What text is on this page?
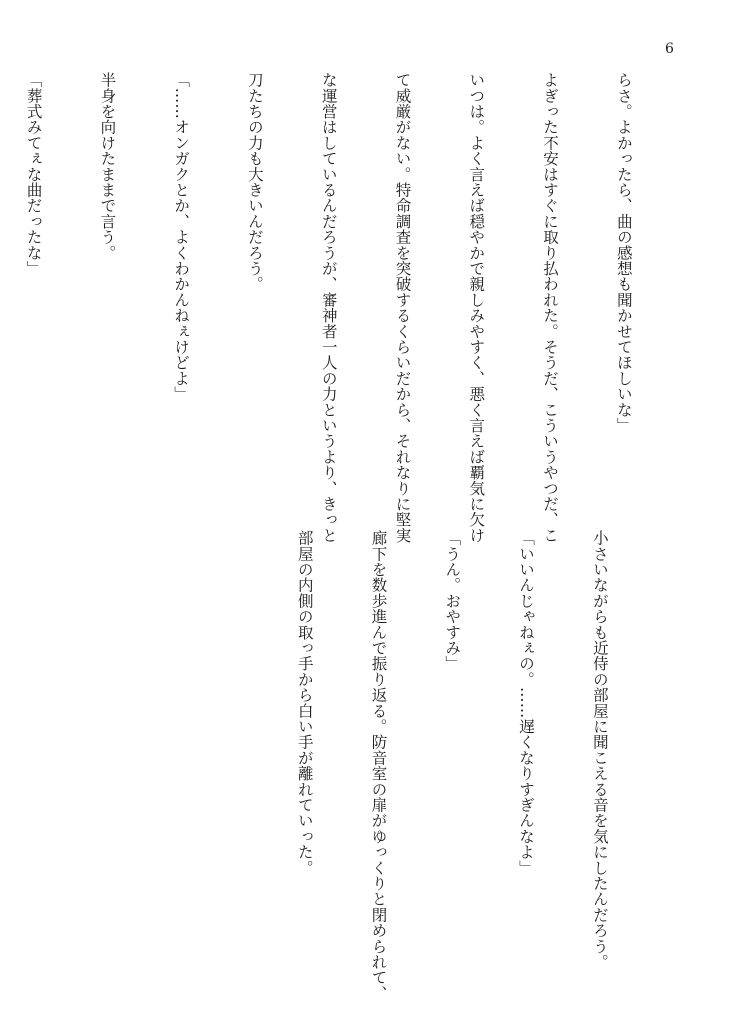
6

らさ。よかったら、曲の感想も聞かせてほしいな」

よぎった不安はすぐに取り払われた。そうだ、こういうやつだ、こ

いつは。よく言えば穏やかで親しみやすく、悪く言えば覇気に欠け

て威厳がない。特命調査を突破するくらいだから、それなりに堅実

な運営はしているんだろうが、審神者一人の力というより、きっと

刀たちの力も大きいんだろう。

「……オンガクとか、よくわかんねぇけどよ」

半身を向けたままで言う。

「葬式みてぇな曲だったな」

小さいながらも近侍の部屋に聞こえる音を気にしたんだろう。

「いいんじゃねぇの。……遅くなりすぎんなよ」

「うん。おやすみ」

廊下を数歩進んで振り返る。防音室の扉がゆっくりと閉められて、

部屋の内側の取っ手から白い手が離れていった。
